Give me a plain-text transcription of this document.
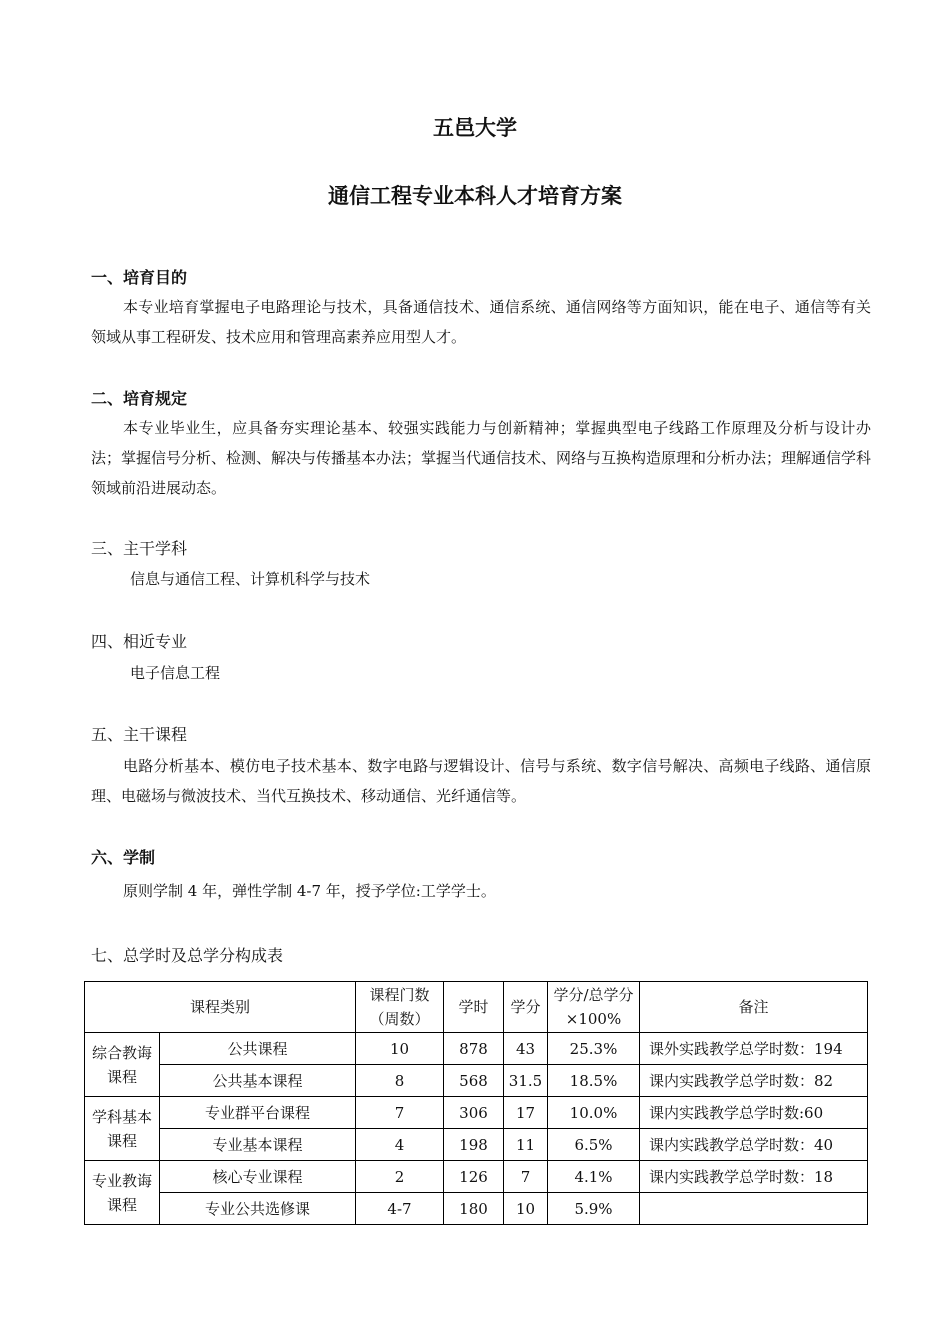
五邑大学
通信工程专业本科人才培育方案
一、培育目的
本专业培育掌握电子电路理论与技术，具备通信技术、通信系统、通信网络等方面知识，能在电子、通信等有关领域从事工程研发、技术应用和管理高素养应用型人才。
二、培育规定
本专业毕业生，应具备夯实理论基本、较强实践能力与创新精神；掌握典型电子线路工作原理及分析与设计办法；掌握信号分析、检测、解决与传播基本办法；掌握当代通信技术、网络与互换构造原理和分析办法；理解通信学科领域前沿进展动态。
三、主干学科
信息与通信工程、计算机科学与技术
四、相近专业
电子信息工程
五、主干课程
电路分析基本、模仿电子技术基本、数字电路与逻辑设计、信号与系统、数字信号解决、高频电子线路、通信原理、电磁场与微波技术、当代互换技术、移动通信、光纤通信等。
六、学制
原则学制 4 年，弹性学制 4-7 年，授予学位:工学学士。
七、总学时及总学分构成表
课程类别		课程门数（周数）	学时	学分	学分/总学分×100%	备注
综合教诲课程	公共课程	10	878	43	25.3%	课外实践教学总学时数：194
	公共基本课程	8	568	31.5	18.5%	课内实践教学总学时数：82
学科基本课程	专业群平台课程	7	306	17	10.0%	课内实践教学总学时数:60
	专业基本课程	4	198	11	6.5%	课内实践教学总学时数：40
专业教诲课程	核心专业课程	2	126	7	4.1%	课内实践教学总学时数：18
	专业公共选修课	4-7	180	10	5.9%	
